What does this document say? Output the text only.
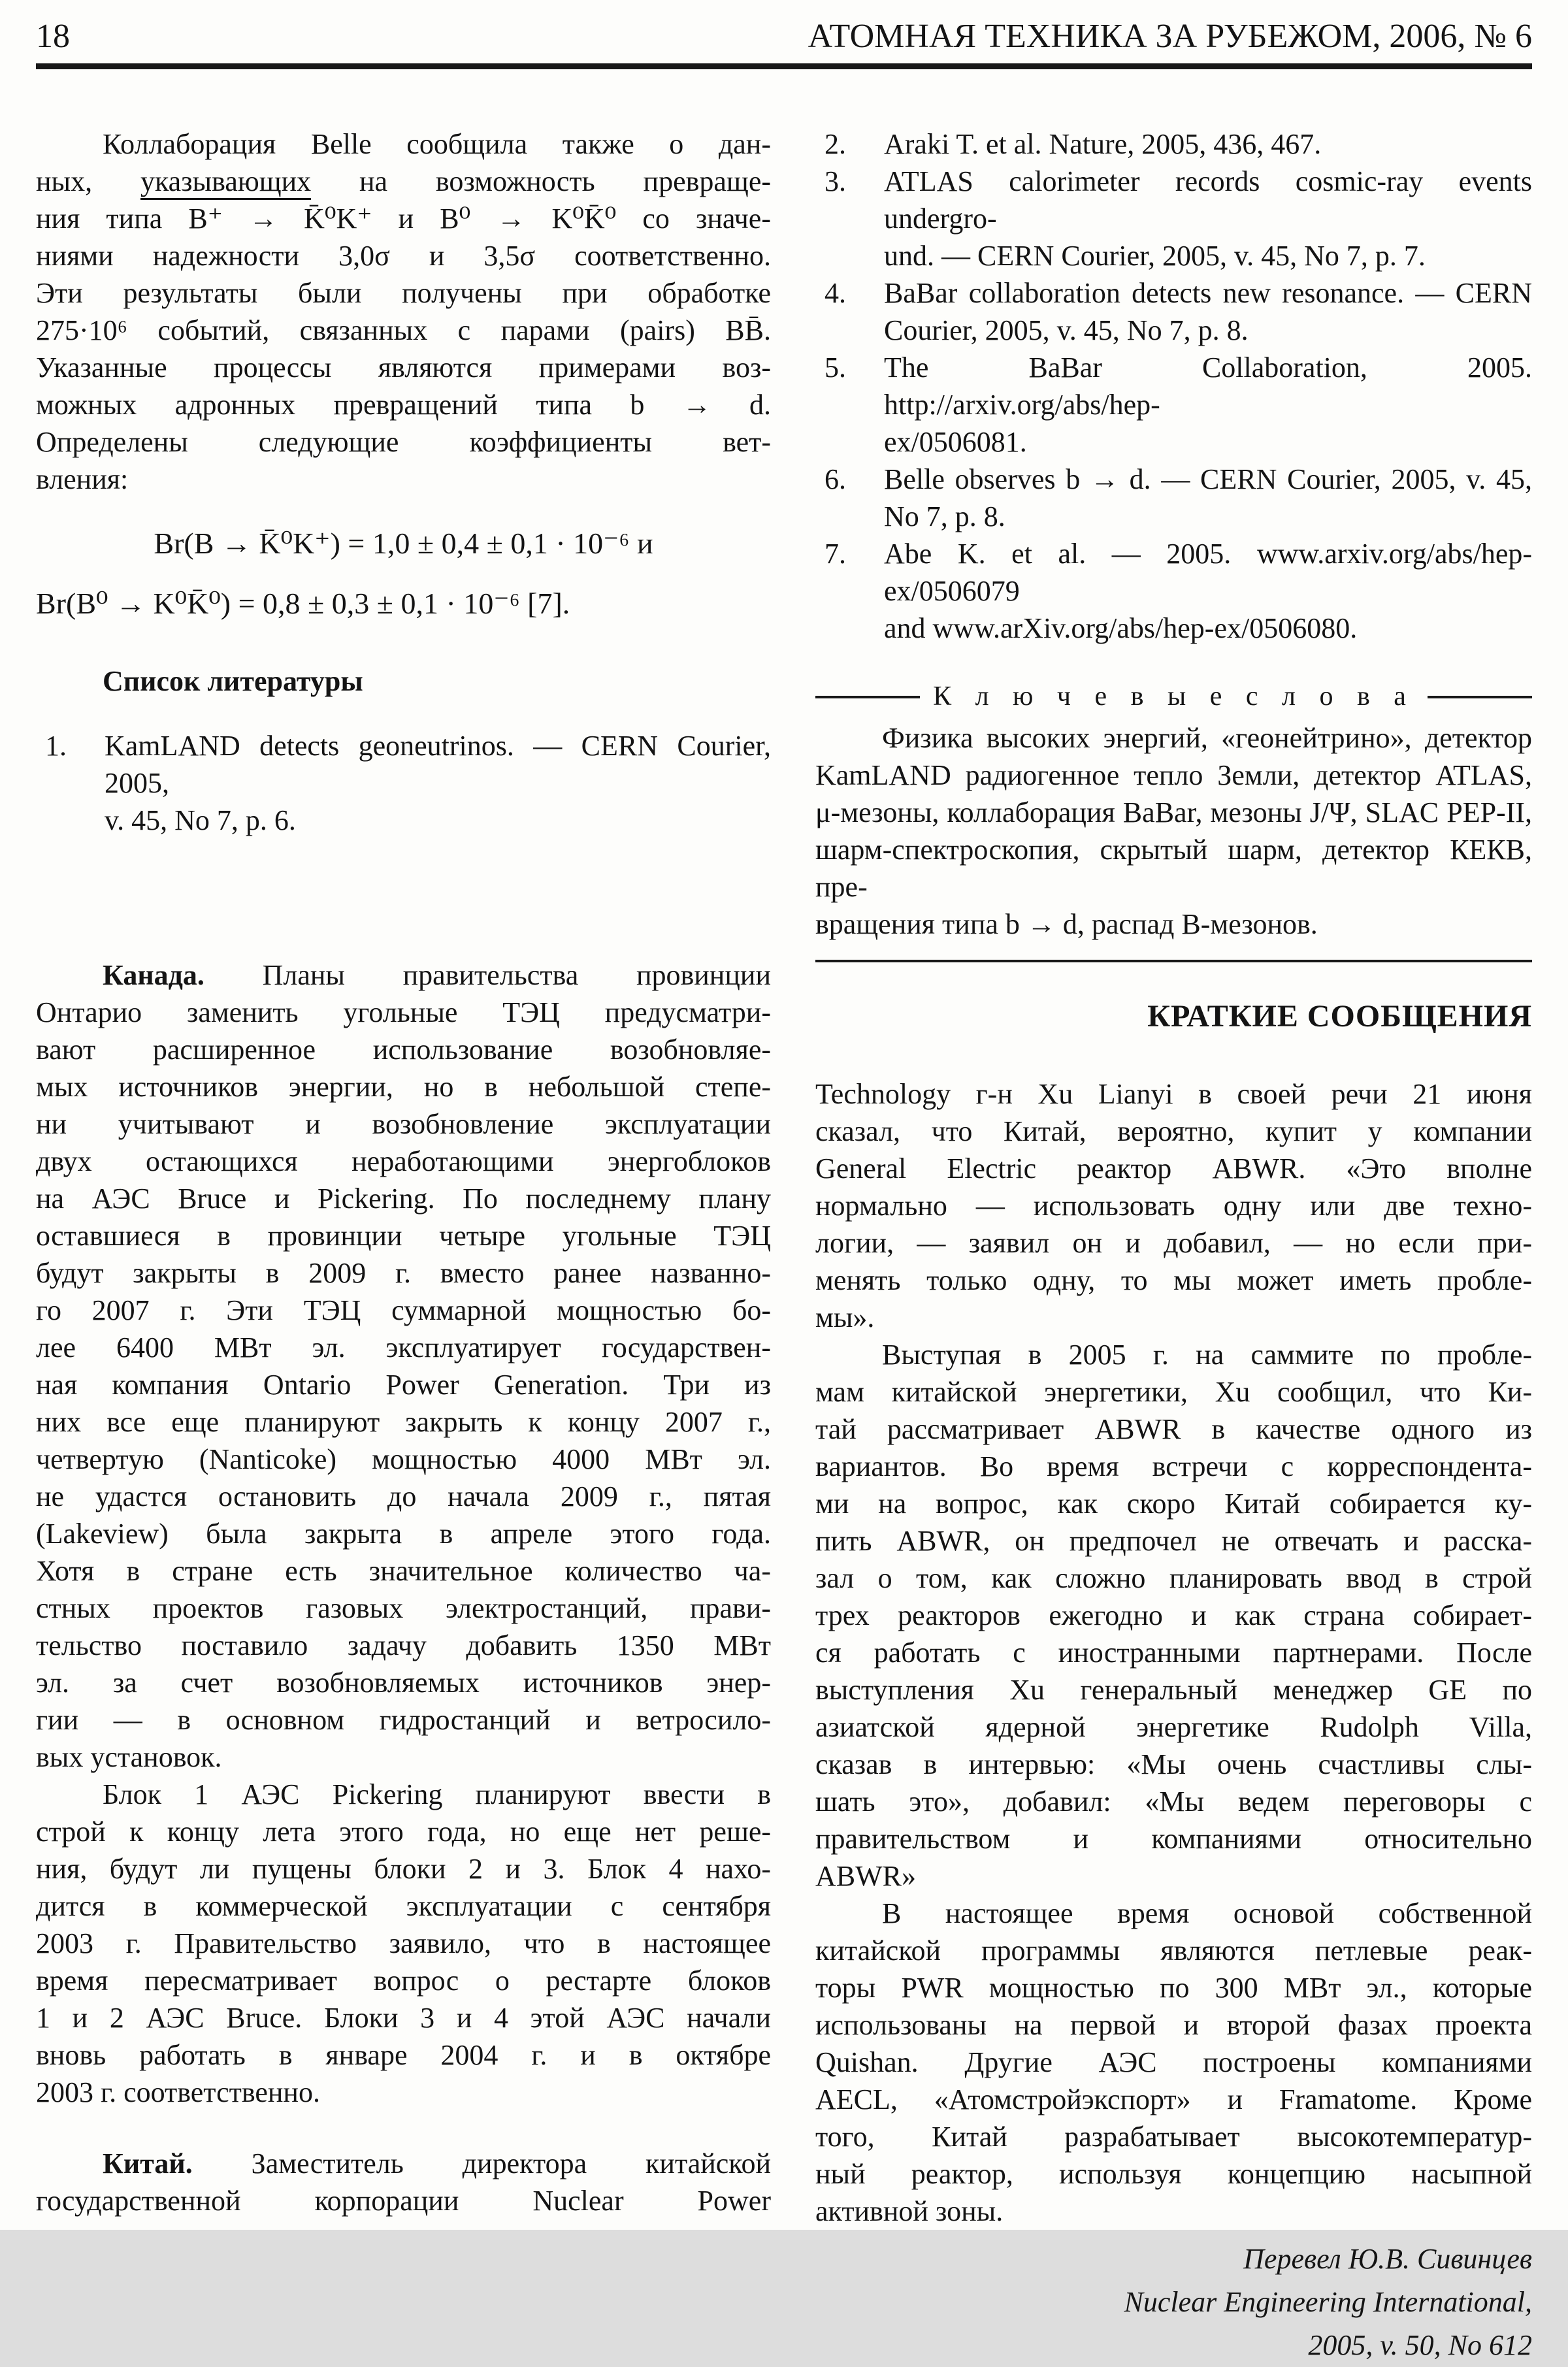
18	АТОМНАЯ ТЕХНИКА ЗА РУБЕЖОМ, 2006, № 6
Коллаборация Belle сообщила также о дан-
ных, указывающих на возможность превраще-
ния типа B⁺ → K̄⁰K⁺ и B⁰ → K⁰K̄⁰ со значе-
ниями надежности 3,0σ и 3,5σ соответственно.
Эти результаты были получены при обработке
275·10⁶ событий, связанных с парами (pairs) BB̄.
Указанные процессы являются примерами воз-
можных адронных превращений типа b → d.
Определены следующие коэффициенты вет-
вления:
Br(B → K̄⁰K⁺) = 1,0 ± 0,4 ± 0,1 · 10⁻⁶ и
Br(B⁰ → K⁰K̄⁰) = 0,8 ± 0,3 ± 0,1 · 10⁻⁶ [7].
Список литературы
1. KamLAND detects geoneutrinos. — CERN Courier, 2005,
v. 45, No 7, p. 6.
Канада. Планы правительства провинции
Онтарио заменить угольные ТЭЦ предусматри-
вают расширенное использование возобновляе-
мых источников энергии, но в небольшой степе-
ни учитывают и возобновление эксплуатации
двух остающихся неработающими энергоблоков
на АЭС Bruce и Pickering. По последнему плану
оставшиеся в провинции четыре угольные ТЭЦ
будут закрыты в 2009 г. вместо ранее названно-
го 2007 г. Эти ТЭЦ суммарной мощностью бо-
лее 6400 МВт эл. эксплуатирует государствен-
ная компания Ontario Power Generation. Три из
них все еще планируют закрыть к концу 2007 г.,
четвертую (Nanticoke) мощностью 4000 МВт эл.
не удастся остановить до начала 2009 г., пятая
(Lakeview) была закрыта в апреле этого года.
Хотя в стране есть значительное количество ча-
стных проектов газовых электростанций, прави-
тельство поставило задачу добавить 1350 МВт
эл. за счет возобновляемых источников энер-
гии — в основном гидростанций и ветросило-
вых установок.
Блок 1 АЭС Pickering планируют ввести в
строй к концу лета этого года, но еще нет реше-
ния, будут ли пущены блоки 2 и 3. Блок 4 нахо-
дится в коммерческой эксплуатации с сентября
2003 г. Правительство заявило, что в настоящее
время пересматривает вопрос о рестарте блоков
1 и 2 АЭС Bruce. Блоки 3 и 4 этой АЭС начали
вновь работать в январе 2004 г. и в октябре
2003 г. соответственно.
Китай. Заместитель директора китайской
государственной корпорации Nuclear Power
2. Araki T. et al. Nature, 2005, 436, 467.
3. ATLAS calorimeter records cosmic-ray events undergro-
und. — CERN Courier, 2005, v. 45, No 7, p. 7.
4. BaBar collaboration detects new resonance. — CERN
Courier, 2005, v. 45, No 7, p. 8.
5. The BaBar Collaboration, 2005. http://arxiv.org/abs/hep-
ex/0506081.
6. Belle observes b → d. — CERN Courier, 2005, v. 45,
No 7, p. 8.
7. Abe K. et al. — 2005. www.arxiv.org/abs/hep-ex/0506079
and www.arXiv.org/abs/hep-ex/0506080.
К л ю ч е в ы е с л о в а
Физика высоких энергий, «геонейтрино», детектор
KamLAND радиогенное тепло Земли, детектор ATLAS,
μ-мезоны, коллаборация BaBar, мезоны J/Ψ, SLAC PEP-II,
шарм-спектроскопия, скрытый шарм, детектор КЕКВ, пре-
вращения типа b → d, распад В-мезонов.
КРАТКИЕ СООБЩЕНИЯ
Technology г-н Xu Lianyi в своей речи 21 июня
сказал, что Китай, вероятно, купит у компании
General Electric реактор ABWR. «Это вполне
нормально — использовать одну или две техно-
логии, — заявил он и добавил, — но если при-
менять только одну, то мы может иметь пробле-
мы».
Выступая в 2005 г. на саммите по пробле-
мам китайской энергетики, Xu сообщил, что Ки-
тай рассматривает ABWR в качестве одного из
вариантов. Во время встречи с корреспондента-
ми на вопрос, как скоро Китай собирается ку-
пить ABWR, он предпочел не отвечать и расска-
зал о том, как сложно планировать ввод в строй
трех реакторов ежегодно и как страна собирает-
ся работать с иностранными партнерами. После
выступления Xu генеральный менеджер GE по
азиатской ядерной энергетике Rudolph Villa,
сказав в интервью: «Мы очень счастливы слы-
шать это», добавил: «Мы ведем переговоры с
правительством и компаниями относительно
ABWR»
В настоящее время основой собственной
китайской программы являются петлевые реак-
торы PWR мощностью по 300 МВт эл., которые
использованы на первой и второй фазах проекта
Quishan. Другие АЭС построены компаниями
AECL, «Атомстройэкспорт» и Framatome. Кроме
того, Китай разрабатывает высокотемператур-
ный реактор, используя концепцию насыпной
активной зоны.
Перевел Ю.В. Сивинцев
Nuclear Engineering International,
2005, v. 50, No 612
